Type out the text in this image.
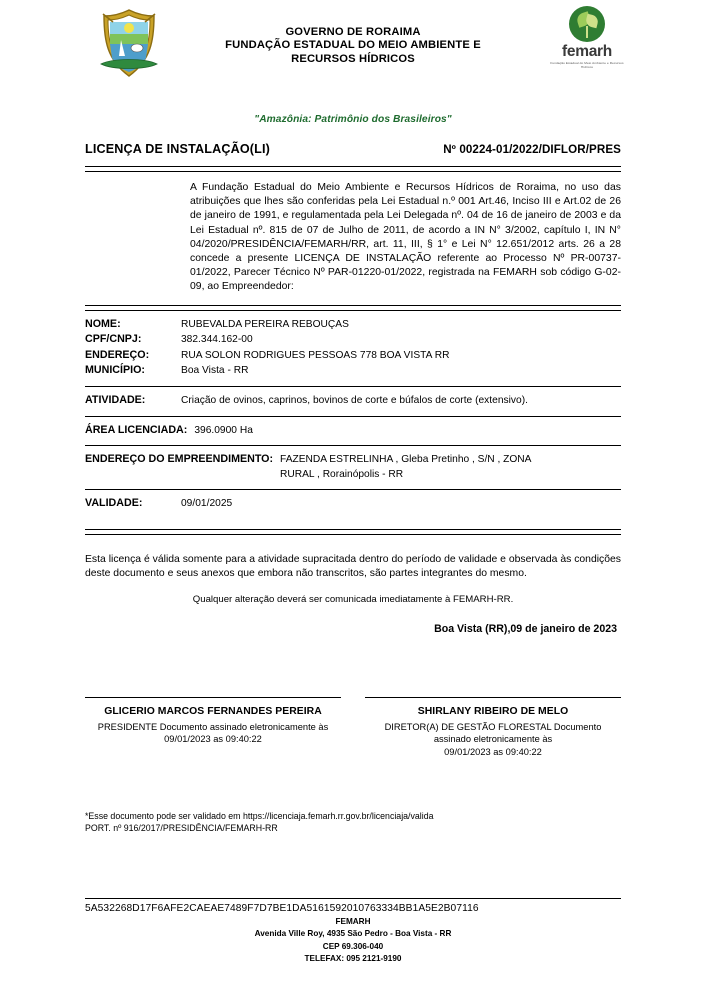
GOVERNO DE RORAIMA
FUNDAÇÃO ESTADUAL DO MEIO AMBIENTE E
RECURSOS HÍDRICOS	femarh
Fundação Estadual do Meio Ambiente e Recursos Hídricos
"Amazônia: Patrimônio dos Brasileiros"
LICENÇA DE INSTALAÇÃO(LI)	Nº 00224-01/2022/DIFLOR/PRES
A Fundação Estadual do Meio Ambiente e Recursos Hídricos de Roraima, no uso das atribuições que lhes são conferidas pela Lei Estadual n.º 001 Art.46, Inciso III e Art.02 de 26 de janeiro de 1991, e regulamentada pela Lei Delegada nº. 04 de 16 de janeiro de 2003 e da Lei Estadual nº. 815 de 07 de Julho de 2011, de acordo a IN N° 3/2002, capítulo I, IN N° 04/2020/PRESIDÊNCIA/FEMARH/RR, art. 11, III, § 1° e Lei N° 12.651/2012 arts. 26 a 28 concede a presente LICENÇA DE INSTALAÇÃO referente ao Processo Nº PR-00737-01/2022, Parecer Técnico Nº PAR-01220-01/2022, registrada na FEMARH sob código G-02-09, ao Empreendedor:
NOME:	RUBEVALDA PEREIRA REBOUÇAS
CPF/CNPJ:	382.344.162-00
ENDEREÇO:	RUA SOLON RODRIGUES PESSOAS 778 BOA VISTA RR
MUNICÍPIO:	Boa Vista - RR
ATIVIDADE:	Criação de ovinos, caprinos, bovinos de corte e búfalos de corte (extensivo).
ÁREA LICENCIADA: 396.0900 Ha
ENDEREÇO DO EMPREENDIMENTO: FAZENDA ESTRELINHA , Gleba Pretinho , S/N , ZONA
RURAL , Rorainópolis - RR
VALIDADE:	09/01/2025
Esta licença é válida somente para a atividade supracitada dentro do período de validade e observada às condições deste documento e seus anexos que embora não transcritos, são partes integrantes do mesmo.
Qualquer alteração deverá ser comunicada imediatamente à FEMARH-RR.
Boa Vista (RR),09 de janeiro de 2023
GLICERIO MARCOS FERNANDES PEREIRA
PRESIDENTE Documento assinado eletronicamente às
09/01/2023 as 09:40:22
SHIRLANY RIBEIRO DE MELO
DIRETOR(A) DE GESTÃO FLORESTAL Documento assinado eletronicamente às
09/01/2023 as 09:40:22
*Esse documento pode ser validado em https://licenciaja.femarh.rr.gov.br/licenciaja/valida
PORT. nº 916/2017/PRESIDÊNCIA/FEMARH-RR
5A532268D17F6AFE2CAEAE7489F7D7BE1DA5161592010763334BB1A5E2B07116
FEMARH
Avenida Ville Roy, 4935 São Pedro - Boa Vista - RR
CEP 69.306-040
TELEFAX: 095 2121-9190
